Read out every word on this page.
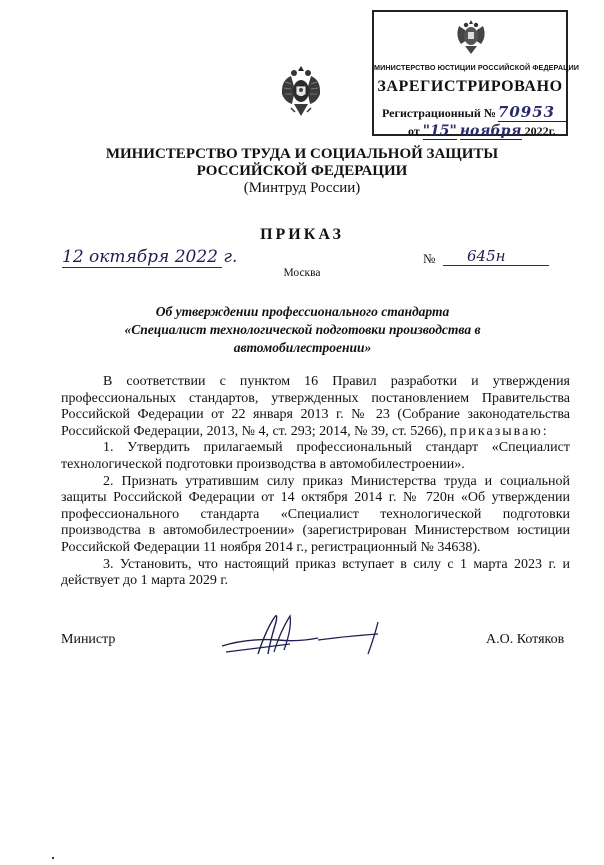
МИНИСТЕРСТВО ЮСТИЦИИ РОССИЙСКОЙ ФЕДЕРАЦИИ
ЗАРЕГИСТРИРОВАНО
Регистрационный № 70953
от "15" ноября 2022г.
МИНИСТЕРСТВО ТРУДА И СОЦИАЛЬНОЙ ЗАЩИТЫ
РОССИЙСКОЙ ФЕДЕРАЦИИ
(Минтруд России)
ПРИКАЗ
12 октября 2022 г.
Москва
№	645н
Об утверждении профессионального стандарта
«Специалист технологической подготовки производства в
автомобилестроении»

В соответствии с пунктом 16 Правил разработки и утверждения профессиональных стандартов, утвержденных постановлением Правительства Российской Федерации от 22 января 2013 г. № 23 (Собрание законодательства Российской Федерации, 2013, № 4, ст. 293; 2014, № 39, ст. 5266), приказываю:

1. Утвердить прилагаемый профессиональный стандарт «Специалист технологической подготовки производства в автомобилестроении».

2. Признать утратившим силу приказ Министерства труда и социальной защиты Российской Федерации от 14 октября 2014 г. № 720н «Об утверждении профессионального стандарта «Специалист технологической подготовки производства в автомобилестроении» (зарегистрирован Министерством юстиции Российской Федерации 11 ноября 2014 г., регистрационный № 34638).

3. Установить, что настоящий приказ вступает в силу с 1 марта 2023 г. и действует до 1 марта 2029 г.

Министр	А.О. Котяков
